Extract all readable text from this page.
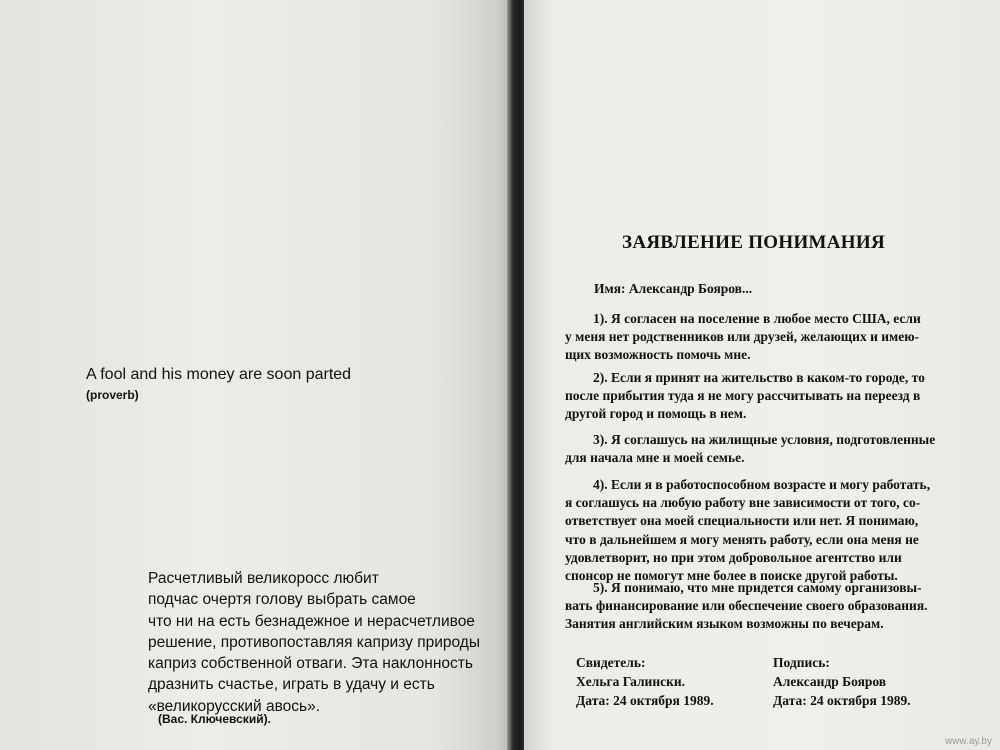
A fool and his money are soon parted
(proverb)
Расчетливый великоросс любит
подчас очертя голову выбрать самое
что ни на есть безнадежное и нерасчетливое
решение, противопоставляя капризу природы
каприз собственной отваги. Эта наклонность
дразнить счастье, играть в удачу и есть
«великорусский авось».
(Вас. Ключевский).
ЗАЯВЛЕНИЕ ПОНИМАНИЯ
Имя: Александр Бояров...
1). Я согласен на поселение в любое место США, если
у меня нет родственников или друзей, желающих и имею-
щих возможность помочь мне.
2). Если я принят на жительство в каком-то городе, то
после прибытия туда я не могу рассчитывать на переезд в
другой город и помощь в нем.
3). Я соглашусь на жилищные условия, подготовленные
для начала мне и моей семье.
4). Если я в работоспособном возрасте и могу работать,
я соглашусь на любую работу вне зависимости от того, со-
ответствует она моей специальности или нет. Я понимаю,
что в дальнейшем я могу менять работу, если она меня не
удовлетворит, но при этом добровольное агентство или
спонсор не помогут мне более в поиске другой работы.
5). Я понимаю, что мне придется самому организовы-
вать финансирование или обеспечение своего образования.
Занятия английским языком возможны по вечерам.
Свидетель:
Хельга Галински.
Дата: 24 октября 1989.
Подпись:
Александр Бояров
Дата: 24 октября 1989.
www.ay.by
